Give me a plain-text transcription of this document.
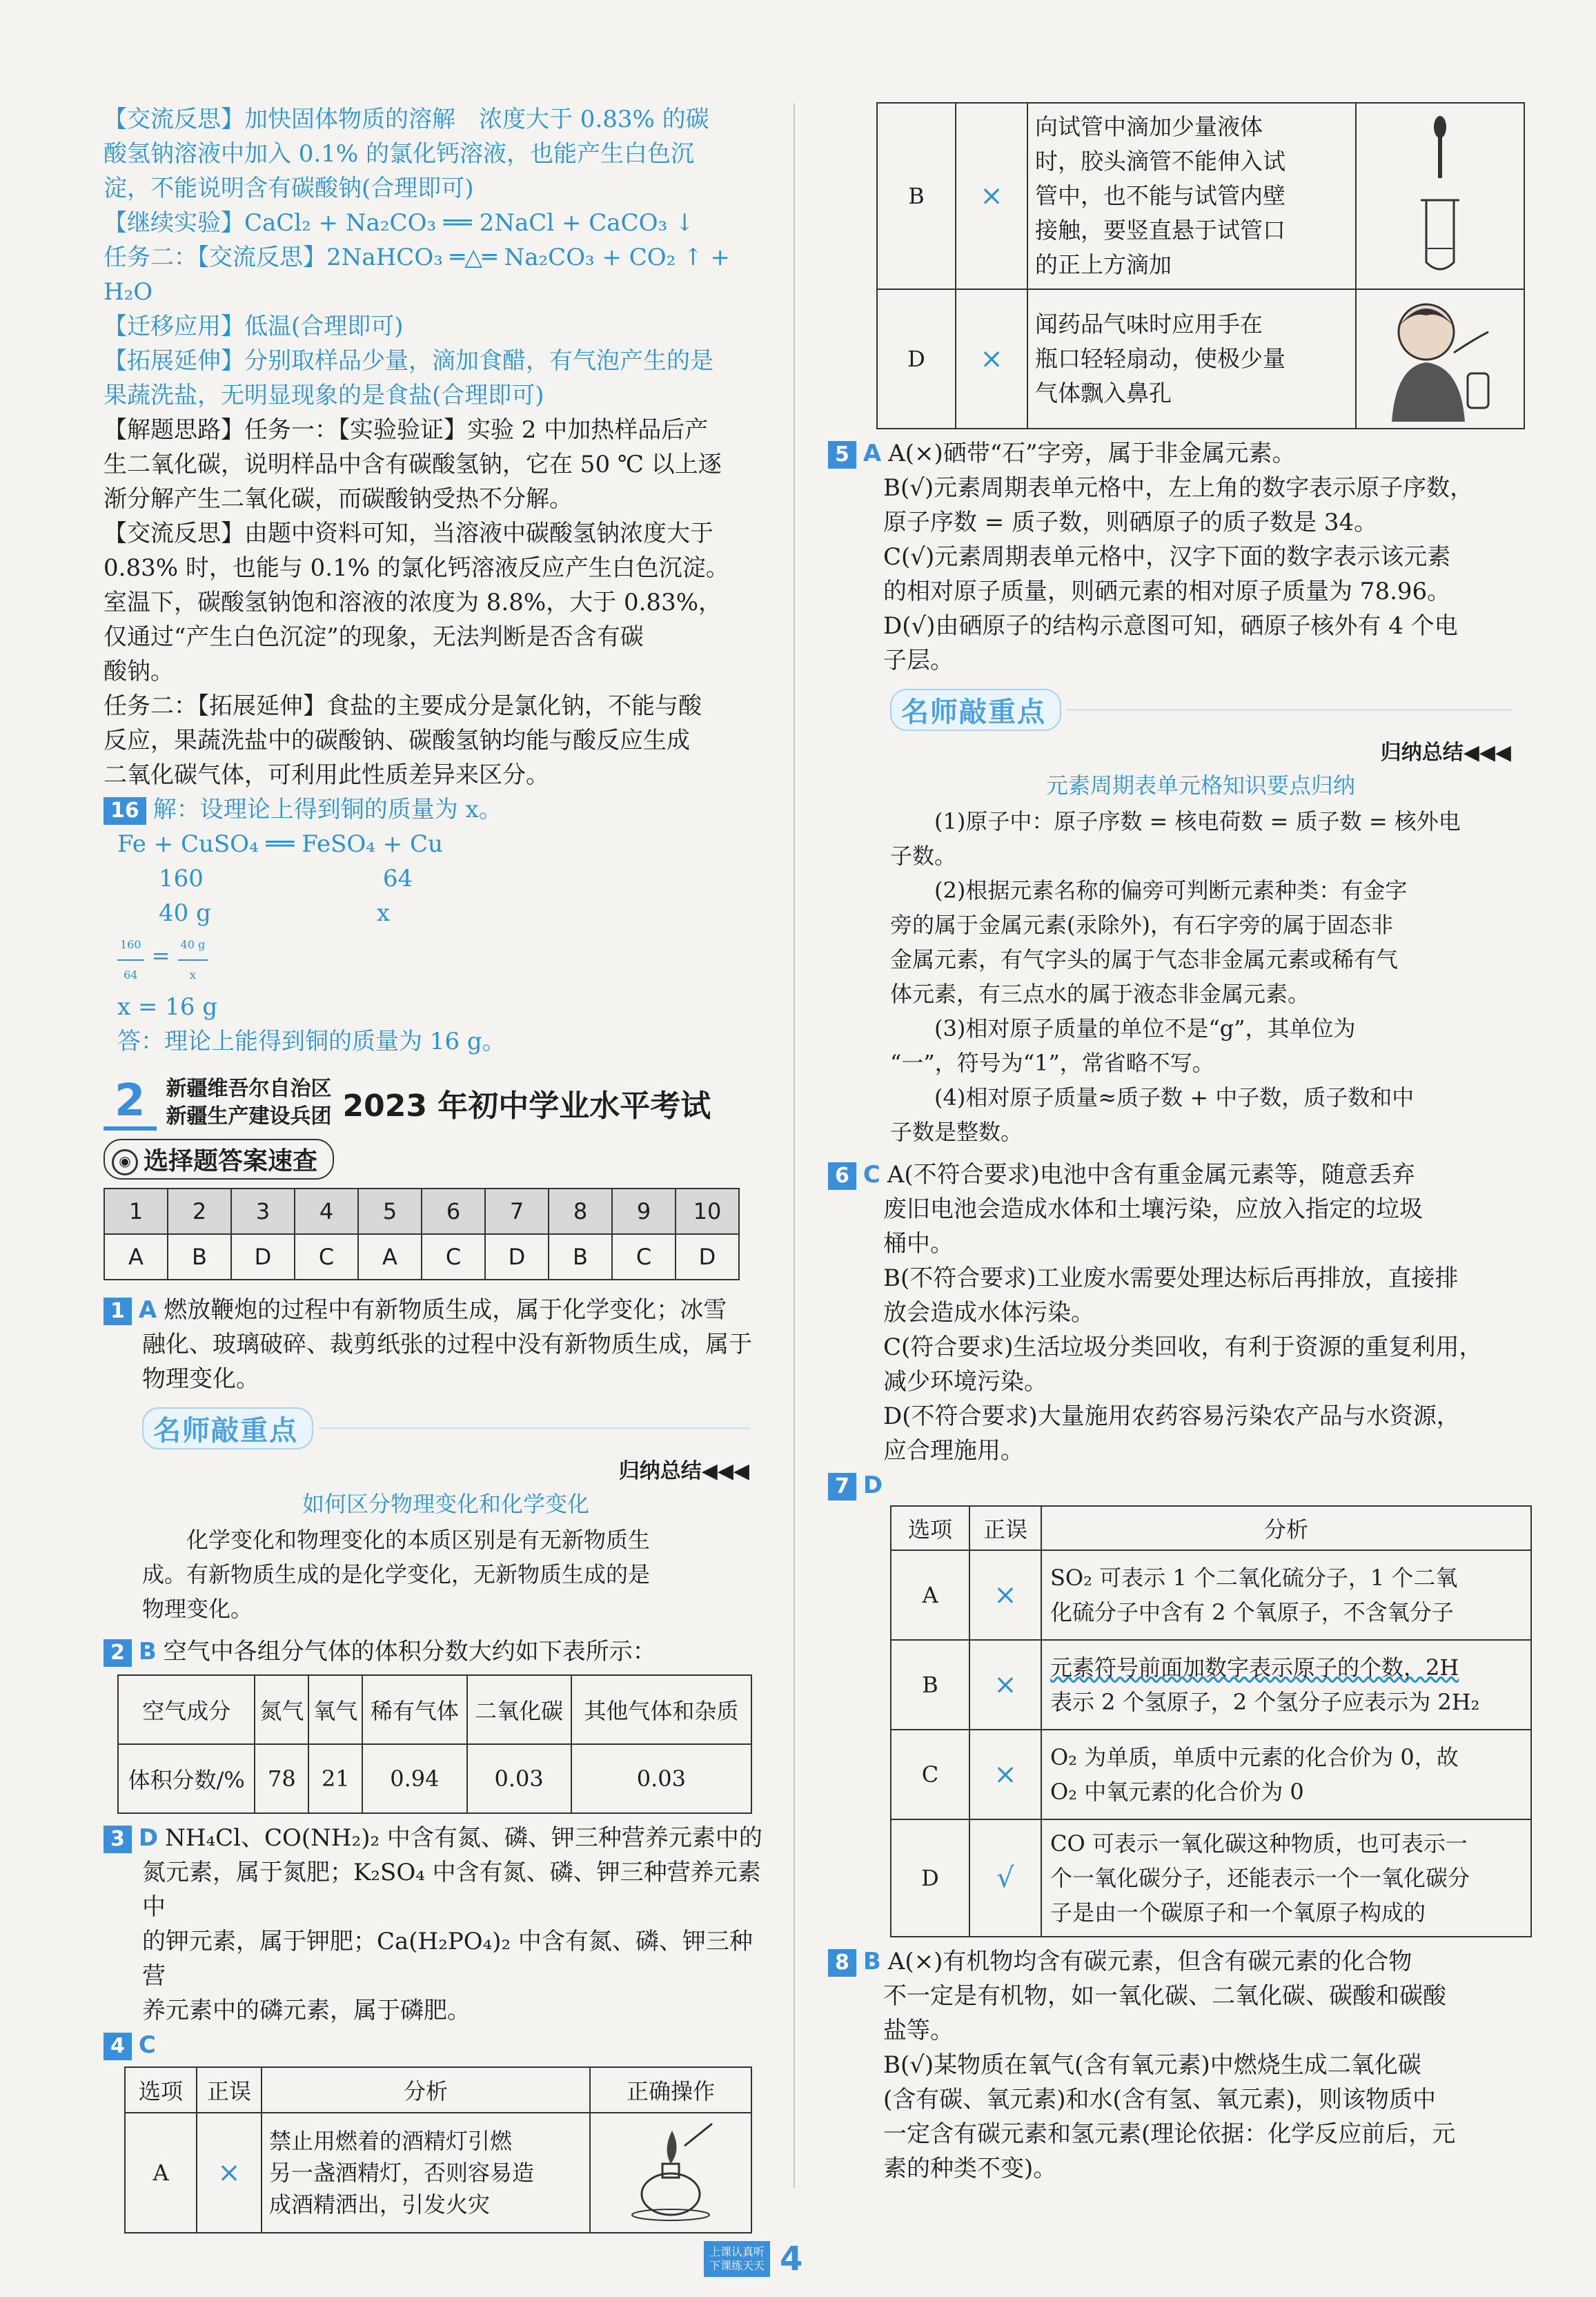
【交流反思】加快固体物质的溶解　浓度大于 0.83% 的碳

酸氢钠溶液中加入 0.1% 的氯化钙溶液，也能产生白色沉

淀，不能说明含有碳酸钠(合理即可)

【继续实验】CaCl₂ + Na₂CO₃ ══ 2NaCl + CaCO₃ ↓

任务二：【交流反思】2NaHCO₃ ═△═ Na₂CO₃ + CO₂ ↑ + H₂O

【迁移应用】低温(合理即可)

【拓展延伸】分别取样品少量，滴加食醋，有气泡产生的是

果蔬洗盐，无明显现象的是食盐(合理即可)

【解题思路】任务一：【实验验证】实验 2 中加热样品后产

生二氧化碳，说明样品中含有碳酸氢钠，它在 50 ℃ 以上逐

渐分解产生二氧化碳，而碳酸钠受热不分解。

【交流反思】由题中资料可知，当溶液中碳酸氢钠浓度大于

0.83% 时，也能与 0.1% 的氯化钙溶液反应产生白色沉淀。

室温下，碳酸氢钠饱和溶液的浓度为 8.8%，大于 0.83%，

仅通过“产生白色沉淀”的现象，无法判断是否含有碳

酸钠。

任务二：【拓展延伸】食盐的主要成分是氯化钠，不能与酸

反应，果蔬洗盐中的碳酸钠、碳酸氢钠均能与酸反应生成

二氧化碳气体，可利用此性质差异来区分。

16 解：设理论上得到铜的质量为 x。

Fe + CuSO₄ ══ FeSO₄ + Cu

160	64

40 g	x

$\frac{160}{64} = \frac{40 g}{x}$

x = 16 g

答：理论上能得到铜的质量为 16 g。

2	新疆维吾尔自治区
新疆生产建设兵团 2023 年初中学业水平考试
◉ 选择题答案速查
1	2	3	4	5	6	7	8	9	10
A	B	D	C	A	C	D	B	C	D

1 A 燃放鞭炮的过程中有新物质生成，属于化学变化；冰雪

融化、玻璃破碎、裁剪纸张的过程中没有新物质生成，属于

物理变化。

名师敲重点
归纳总结◀◀◀
如何区分物理变化和化学变化

　　化学变化和物理变化的本质区别是有无新物质生

成。有新物质生成的是化学变化，无新物质生成的是

物理变化。

2 B 空气中各组分气体的体积分数大约如下表所示：

空气成分	氮气	氧气	稀有气体	二氧化碳	其他气体和杂质
体积分数/%	78	21	0.94	0.03	0.03

3 D NH₄Cl、CO(NH₂)₂ 中含有氮、磷、钾三种营养元素中的

氮元素，属于氮肥；K₂SO₄ 中含有氮、磷、钾三种营养元素中

的钾元素，属于钾肥；Ca(H₂PO₄)₂ 中含有氮、磷、钾三种营

养元素中的磷元素，属于磷肥。

4 C

选项	正误	分析	正确操作
A	×	禁止用燃着的酒精灯引燃
另一盏酒精灯，否则容易造
成酒精洒出，引发火灾

B	×	向试管中滴加少量液体
时，胶头滴管不能伸入试
管中，也不能与试管内壁
接触，要竖直悬于试管口
的正上方滴加

D	×	闻药品气味时应用手在
瓶口轻轻扇动，使极少量
气体飘入鼻孔

5 A A(×)硒带“石”字旁，属于非金属元素。

B(√)元素周期表单元格中，左上角的数字表示原子序数，

原子序数 = 质子数，则硒原子的质子数是 34。

C(√)元素周期表单元格中，汉字下面的数字表示该元素

的相对原子质量，则硒元素的相对原子质量为 78.96。

D(√)由硒原子的结构示意图可知，硒原子核外有 4 个电

子层。

名师敲重点
归纳总结◀◀◀
元素周期表单元格知识要点归纳

　　(1)原子中：原子序数 = 核电荷数 = 质子数 = 核外电

子数。

　　(2)根据元素名称的偏旁可判断元素种类：有金字

旁的属于金属元素(汞除外)，有石字旁的属于固态非

金属元素，有气字头的属于气态非金属元素或稀有气

体元素，有三点水的属于液态非金属元素。

　　(3)相对原子质量的单位不是“g”，其单位为

“一”，符号为“1”，常省略不写。

　　(4)相对原子质量≈质子数 + 中子数，质子数和中

子数是整数。

6 C A(不符合要求)电池中含有重金属元素等，随意丢弃

废旧电池会造成水体和土壤污染，应放入指定的垃圾

桶中。

B(不符合要求)工业废水需要处理达标后再排放，直接排

放会造成水体污染。

C(符合要求)生活垃圾分类回收，有利于资源的重复利用，

减少环境污染。

D(不符合要求)大量施用农药容易污染农产品与水资源，

应合理施用。

7 D

选项	正误	分析
A	×	SO₂ 可表示 1 个二氧化硫分子，1 个二氧
化硫分子中含有 2 个氧原子，不含氧分子

B	×	元素符号前面加数字表示原子的个数，2H
表示 2 个氢原子，2 个氢分子应表示为 2H₂

C	×	O₂ 为单质，单质中元素的化合价为 0，故
O₂ 中氧元素的化合价为 0

D	√	CO 可表示一氧化碳这种物质，也可表示一
个一氧化碳分子，还能表示一个一氧化碳分
子是由一个碳原子和一个氧原子构成的

8 B A(×)有机物均含有碳元素，但含有碳元素的化合物

不一定是有机物，如一氧化碳、二氧化碳、碳酸和碳酸

盐等。

B(√)某物质在氧气(含有氧元素)中燃烧生成二氧化碳

(含有碳、氧元素)和水(含有氢、氧元素)，则该物质中

一定含有碳元素和氢元素(理论依据：化学反应前后，元

素的种类不变)。

上课认真听
下课练天天 4
